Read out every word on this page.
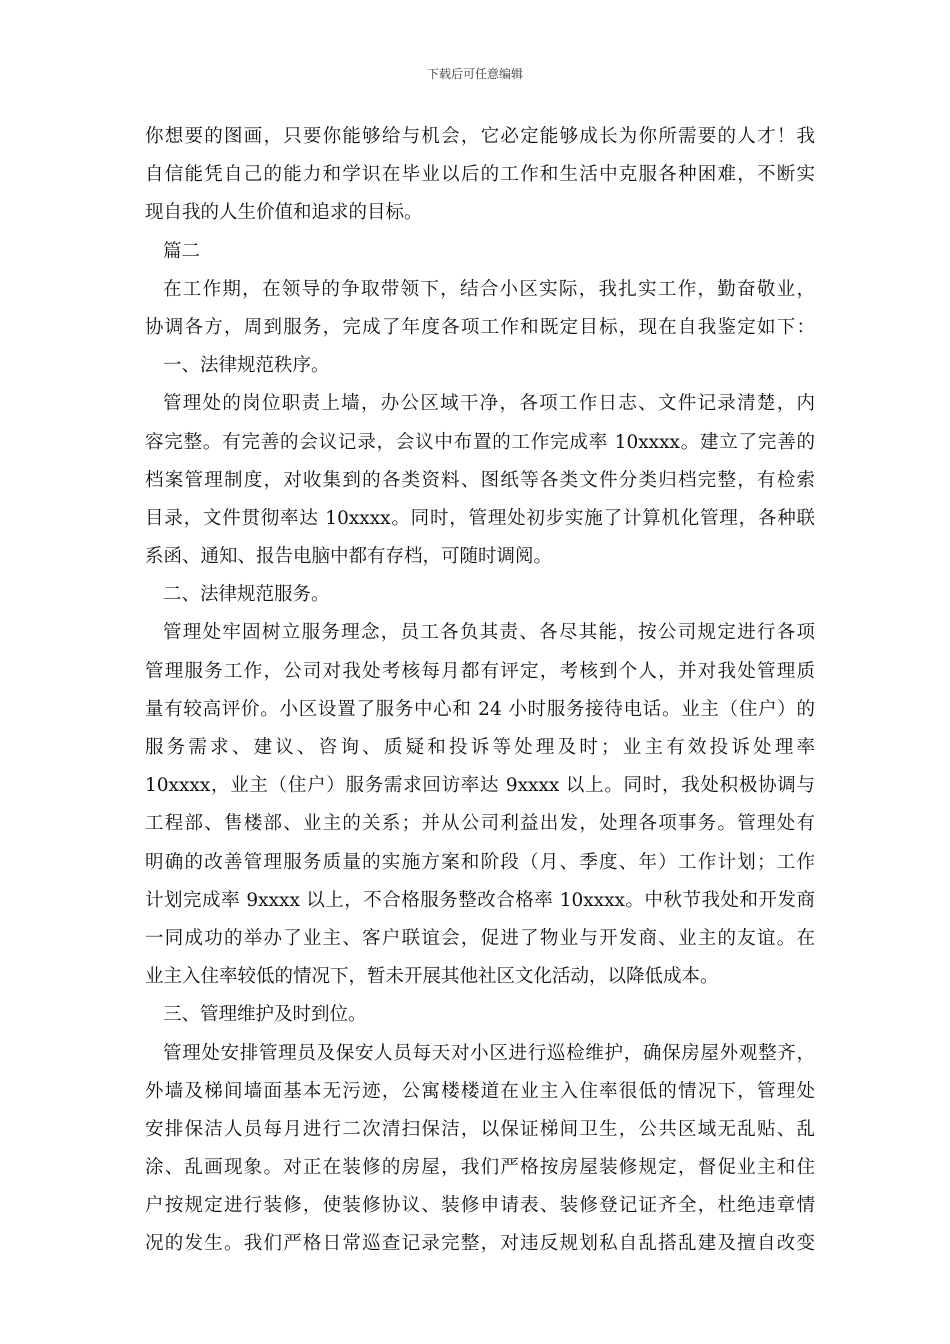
下载后可任意编辑
你想要的图画，只要你能够给与机会，它必定能够成长为你所需要的人才！我
自信能凭自己的能力和学识在毕业以后的工作和生活中克服各种困难，不断实
现自我的人生价值和追求的目标。
篇二
在工作期，在领导的争取带领下，结合小区实际，我扎实工作，勤奋敬业，
协调各方，周到服务，完成了年度各项工作和既定目标，现在自我鉴定如下：
一、法律规范秩序。
管理处的岗位职责上墙，办公区域干净，各项工作日志、文件记录清楚，内
容完整。有完善的会议记录，会议中布置的工作完成率 10xxxx。建立了完善的
档案管理制度，对收集到的各类资料、图纸等各类文件分类归档完整，有检索
目录，文件贯彻率达 10xxxx。同时，管理处初步实施了计算机化管理，各种联
系函、通知、报告电脑中都有存档，可随时调阅。
二、法律规范服务。
管理处牢固树立服务理念，员工各负其责、各尽其能，按公司规定进行各项
管理服务工作，公司对我处考核每月都有评定，考核到个人，并对我处管理质
量有较高评价。小区设置了服务中心和 24 小时服务接待电话。业主（住户）的
服务需求、建议、咨询、质疑和投诉等处理及时；业主有效投诉处理率
10xxxx，业主（住户）服务需求回访率达 9xxxx 以上。同时，我处积极协调与
工程部、售楼部、业主的关系；并从公司利益出发，处理各项事务。管理处有
明确的改善管理服务质量的实施方案和阶段（月、季度、年）工作计划；工作
计划完成率 9xxxx 以上，不合格服务整改合格率 10xxxx。中秋节我处和开发商
一同成功的举办了业主、客户联谊会，促进了物业与开发商、业主的友谊。在
业主入住率较低的情况下，暂未开展其他社区文化活动，以降低成本。
三、管理维护及时到位。
管理处安排管理员及保安人员每天对小区进行巡检维护，确保房屋外观整齐，
外墙及梯间墙面基本无污迹，公寓楼楼道在业主入住率很低的情况下，管理处
安排保洁人员每月进行二次清扫保洁，以保证梯间卫生，公共区域无乱贴、乱
涂、乱画现象。对正在装修的房屋，我们严格按房屋装修规定，督促业主和住
户按规定进行装修，使装修协议、装修申请表、装修登记证齐全，杜绝违章情
况的发生。我们严格日常巡查记录完整，对违反规划私自乱搭乱建及擅自改变
